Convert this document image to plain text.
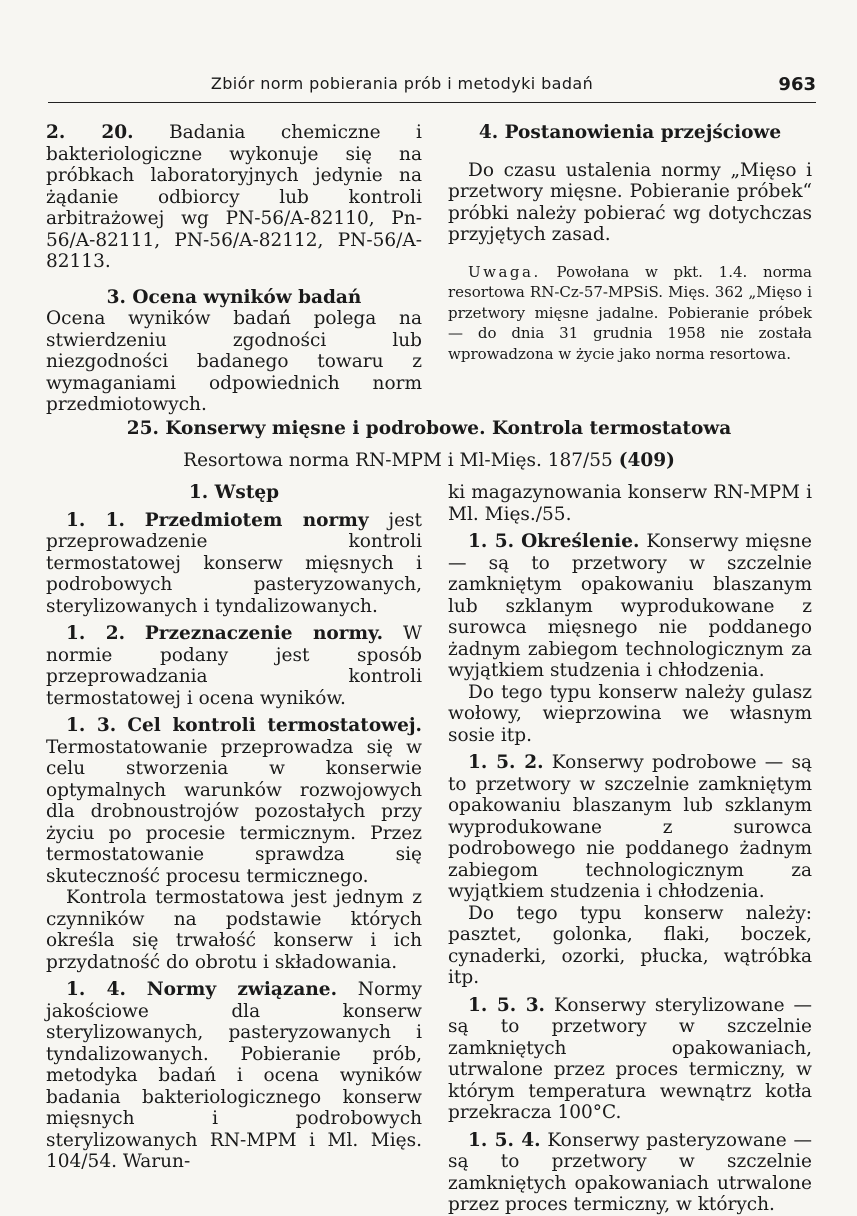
Zbiór norm pobierania prób i metodyki badań	963

2. 20. Badania chemiczne i bakteriologiczne wykonuje się na próbkach laboratoryjnych jedynie na żądanie odbiorcy lub kontroli arbitrażowej wg PN-56/A-82110, Pn-56/A-82111, PN-56/A-82112, PN-56/A-82113.

3. Ocena wyników badań

Ocena wyników badań polega na stwierdzeniu zgodności lub niezgodności badanego towaru z wymaganiami odpowiednich norm przedmiotowych.

4. Postanowienia przejściowe

Do czasu ustalenia normy „Mięso i przetwory mięsne. Pobieranie próbek“ próbki należy pobierać wg dotychczas przyjętych zasad.

Uwaga. Powołana w pkt. 1.4. norma resortowa RN-Cz-57-MPSiS. Mięs. 362 „Mięso i przetwory mięsne jadalne. Pobieranie próbek — do dnia 31 grudnia 1958 nie została wprowadzona w życie jako norma resortowa.

25. Konserwy mięsne i podrobowe. Kontrola termostatowa
Resortowa norma RN-MPM i Ml-Mięs. 187/55 (409)
1. Wstęp

1. 1. Przedmiotem normy jest przeprowadzenie kontroli termostatowej konserw mięsnych i podrobowych pasteryzowanych, sterylizowanych i tyndalizowanych.

1. 2. Przeznaczenie normy. W normie podany jest sposób przeprowadzania kontroli termostatowej i ocena wyników.

1. 3. Cel kontroli termostatowej. Termostatowanie przeprowadza się w celu stworzenia w konserwie optymalnych warunków rozwojowych dla drobnoustrojów pozostałych przy życiu po procesie termicznym. Przez termostatowanie sprawdza się skuteczność procesu termicznego.

Kontrola termostatowa jest jednym z czynników na podstawie których określa się trwałość konserw i ich przydatność do obrotu i składowania.

1. 4. Normy związane. Normy jakościowe dla konserw sterylizowanych, pasteryzowanych i tyndalizowanych. Pobieranie prób, metodyka badań i ocena wyników badania bakteriologicznego konserw mięsnych i podrobowych sterylizowanych RN-MPM i Ml. Mięs. 104/54. Warun-

ki magazynowania konserw RN-MPM i Ml. Mięs./55.

1. 5. Określenie. Konserwy mięsne — są to przetwory w szczelnie zamkniętym opakowaniu blaszanym lub szklanym wyprodukowane z surowca mięsnego nie poddanego żadnym zabiegom technologicznym za wyjątkiem studzenia i chłodzenia.

Do tego typu konserw należy gulasz wołowy, wieprzowina we własnym sosie itp.

1. 5. 2. Konserwy podrobowe — są to przetwory w szczelnie zamkniętym opakowaniu blaszanym lub szklanym wyprodukowane z surowca podrobowego nie poddanego żadnym zabiegom technologicznym za wyjątkiem studzenia i chłodzenia.

Do tego typu konserw należy: pasztet, golonka, flaki, boczek, cynaderki, ozorki, płucka, wątróbka itp.

1. 5. 3. Konserwy sterylizowane — są to przetwory w szczelnie zamkniętych opakowaniach, utrwalone przez proces termiczny, w którym temperatura wewnątrz kotła przekracza 100°C.

1. 5. 4. Konserwy pasteryzowane — są to przetwory w szczelnie zamkniętych opakowaniach utrwalone przez proces termiczny, w których.
